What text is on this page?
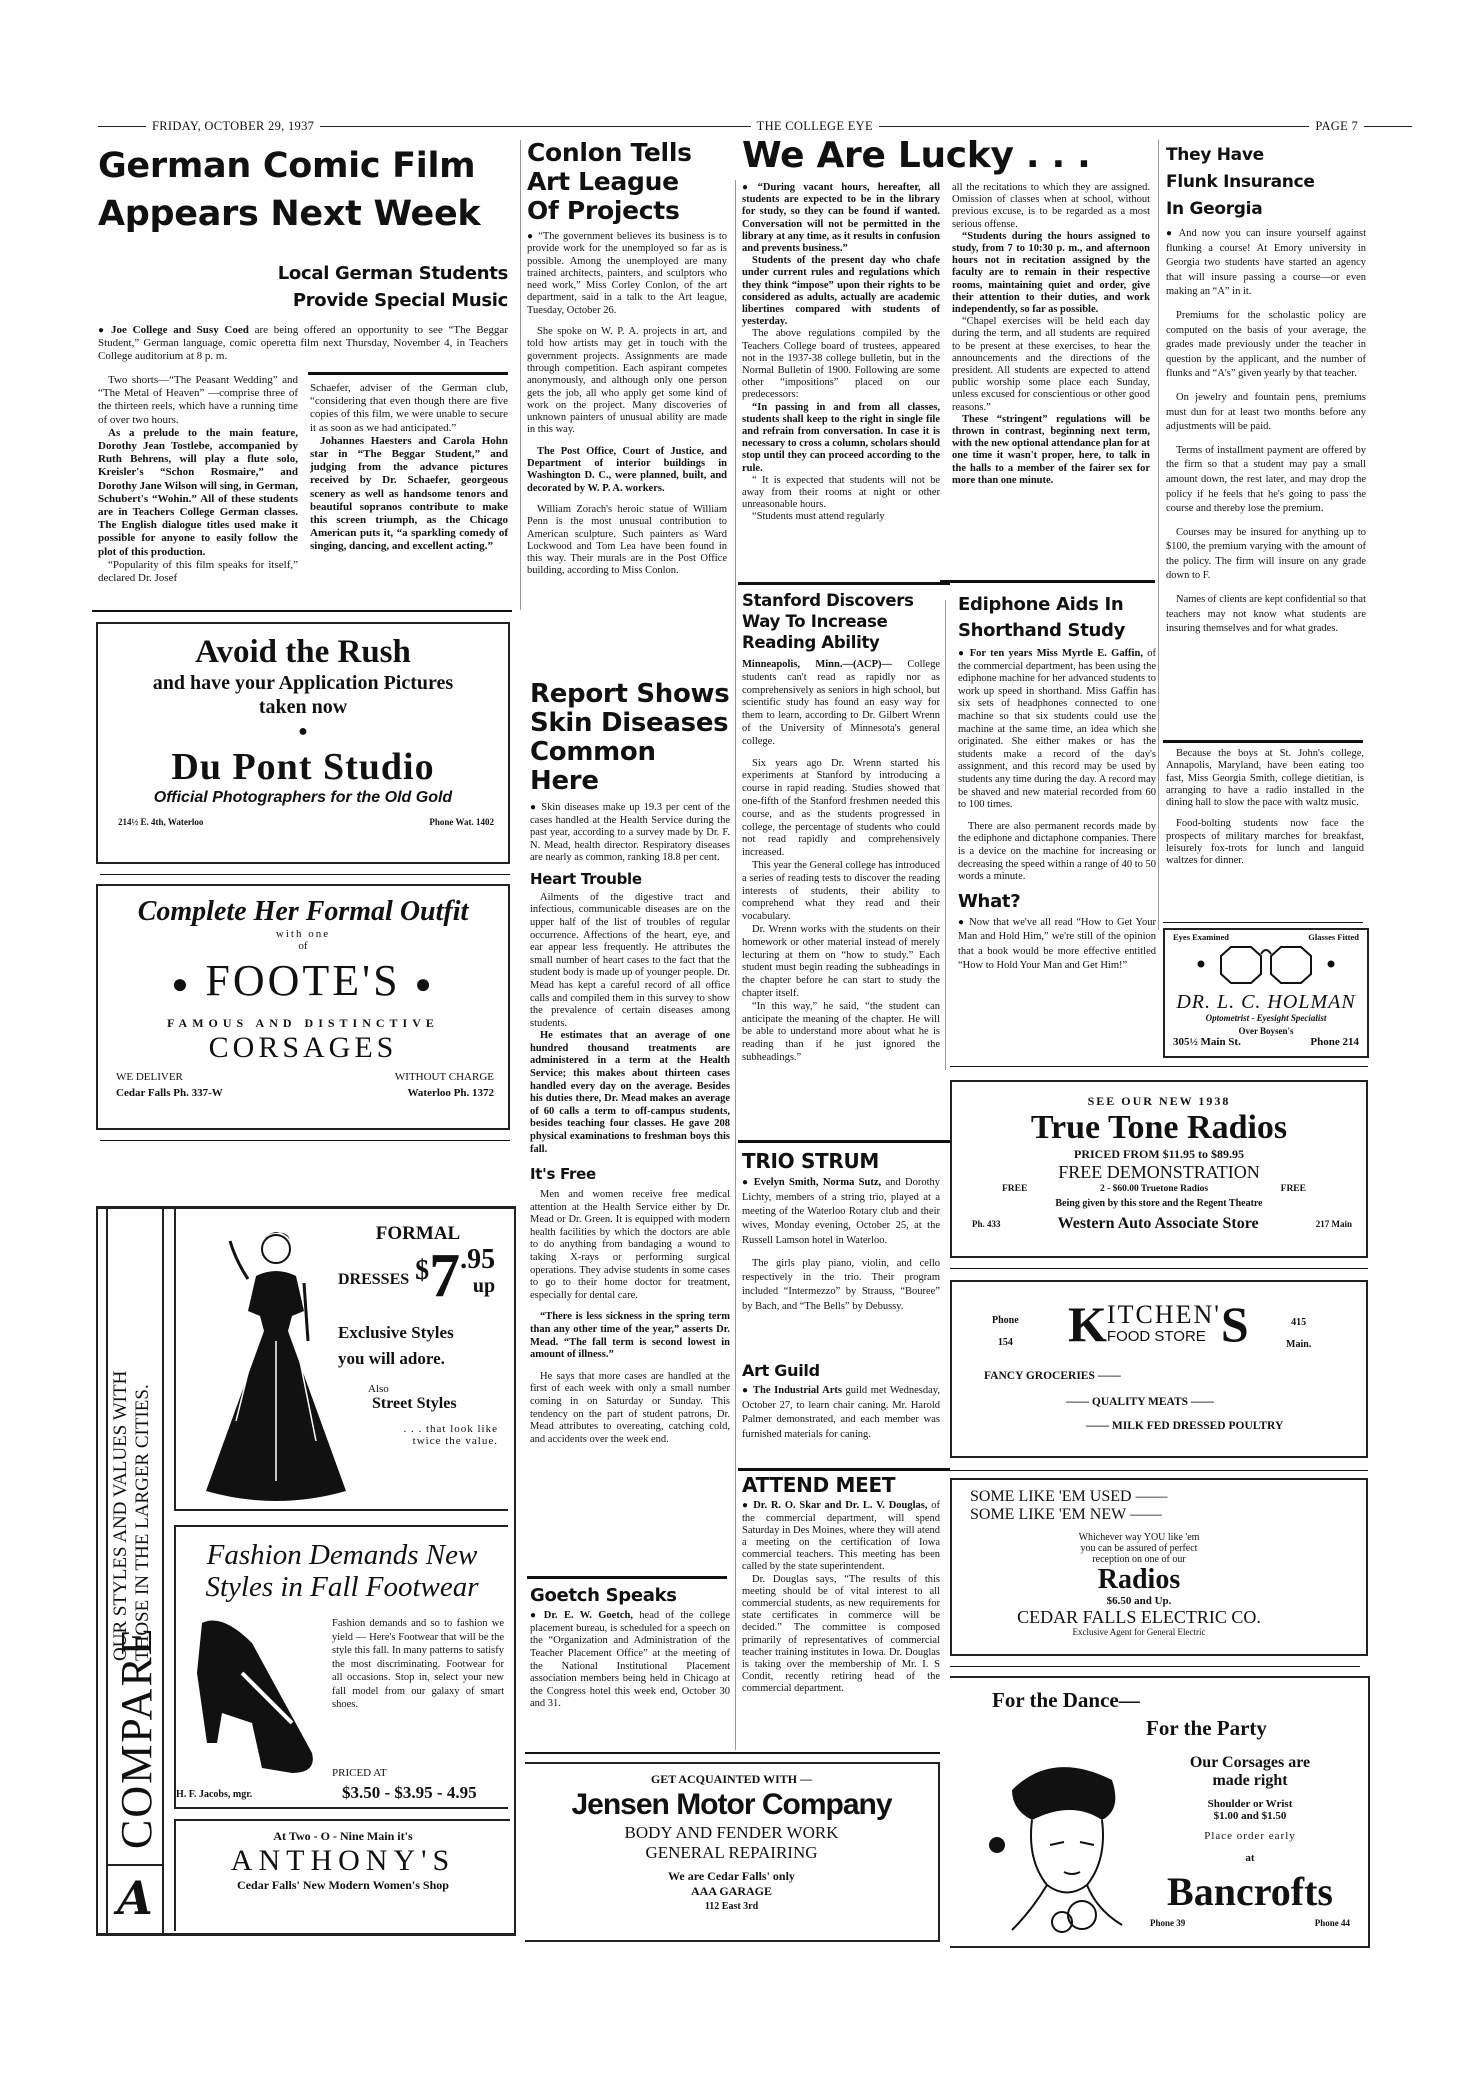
FRIDAY, OCTOBER 29, 1937	THE COLLEGE EYE	PAGE 7
German Comic Film
Appears Next Week
Local German Students
Provide Special Music

● Joe College and Susy Coed are being offered an opportunity to see “The Beggar Student,” German language, comic operetta film next Thursday, November 4, in Teachers College auditorium at 8 p. m.

Two shorts—“The Peasant Wedding” and “The Metal of Heaven” —comprise three of the thirteen reels, which have a running time of over two hours.

As a prelude to the main feature, Dorothy Jean Tostlebe, accompanied by Ruth Behrens, will play a flute solo, Kreisler's “Schon Rosmaire,” and Dorothy Jane Wilson will sing, in German, Schubert's “Wohin.” All of these students are in Teachers College German classes. The English dialogue titles used make it possible for anyone to easily follow the plot of this production.

“Popularity of this film speaks for itself,” declared Dr. Josef

Schaefer, adviser of the German club, “considering that even though there are five copies of this film, we were unable to secure it as soon as we had anticipated.”

Johannes Haesters and Carola Hohn star in “The Beggar Student,” and judging from the advance pictures received by Dr. Schaefer, georgeous scenery as well as handsome tenors and beautiful sopranos contribute to make this screen triumph, as the Chicago American puts it, “a sparkling comedy of singing, dancing, and excellent acting.”

Avoid the Rush
and have your Application Pictures
taken now
●
Du Pont Studio
Official Photographers for the Old Gold
214½ E. 4th, Waterloo	Phone Wat. 1402
Complete Her Formal Outfit
with one
of
● FOOTE'S ●
FAMOUS AND DISTINCTIVE
CORSAGES
WE DELIVER	WITHOUT CHARGE
Cedar Falls Ph. 337-W	Waterloo Ph. 1372
OUR STYLES AND VALUES WITH THOSE IN THE LARGER CITIES.
COMPARE
A
FORMAL
DRESSES $ 7 .95
up
Exclusive Styles
you will adore.
Also
Street Styles
. . . that look like
twice the value.
Fashion Demands New
Styles in Fall Footwear

Fashion demands and so to fashion we yield — Here's Footwear that will be the style this fall. In many patterns to satisfy the most discriminating. Footwear for all occasions. Stop in, select your new fall model from our galaxy of smart shoes.

PRICED AT
$3.50 - $3.95 - 4.95
H. F. Jacobs, mgr.
At Two - O - Nine Main it's
ANTHONY'S
Cedar Falls' New Modern Women's Shop
Conlon Tells
Art League
Of Projects

● “The government believes its business is to provide work for the unemployed so far as is possible. Among the unemployed are many trained architects, painters, and sculptors who need work,” Miss Corley Conlon, of the art department, said in a talk to the Art league, Tuesday, October 26.

She spoke on W. P. A. projects in art, and told how artists may get in touch with the government projects. Assignments are made through competition. Each aspirant competes anonymously, and although only one person gets the job, all who apply get some kind of work on the project. Many discoveries of unknown painters of unusual ability are made in this way.

The Post Office, Court of Justice, and Department of interior buildings in Washington D. C., were planned, built, and decorated by W. P. A. workers.

William Zorach's heroic statue of William Penn is the most unusual contribution to American sculpture. Such painters as Ward Lockwood and Tom Lea have been found in this way. Their murals are in the Post Office building, according to Miss Conlon.

Report Shows
Skin Diseases
Common Here

● Skin diseases make up 19.3 per cent of the cases handled at the Health Service during the past year, according to a survey made by Dr. F. N. Mead, health director. Respiratory diseases are nearly as common, ranking 18.8 per cent.

Heart Trouble

Ailments of the digestive tract and infectious, communicable diseases are on the upper half of the list of troubles of regular occurrence. Affections of the heart, eye, and ear appear less frequently. He attributes the small number of heart cases to the fact that the student body is made up of younger people. Dr. Mead has kept a careful record of all office calls and compiled them in this survey to show the prevalence of certain diseases among students.

He estimates that an average of one hundred thousand treatments are administered in a term at the Health Service; this makes about thirteen cases handled every day on the average. Besides his duties there, Dr. Mead makes an average of 60 calls a term to off-campus students, besides teaching four classes. He gave 208 physical examinations to freshman boys this fall.

It's Free

Men and women receive free medical attention at the Health Service either by Dr. Mead or Dr. Green. It is equipped with modern health facilities by which the doctors are able to do anything from bandaging a wound to taking X-rays or performing surgical operations. They advise students in some cases to go to their home doctor for treatment, especially for dental care.

“There is less sickness in the spring term than any other time of the year,” asserts Dr. Mead. “The fall term is second lowest in amount of illness.”

He says that more cases are handled at the first of each week with only a small number coming in on Saturday or Sunday. This tendency on the part of student patrons, Dr. Mead attributes to overeating, catching cold, and accidents over the week end.

Goetch Speaks

● Dr. E. W. Goetch, head of the college placement bureau, is scheduled for a speech on the “Organization and Administration of the Teacher Placement Office” at the meeting of the National Institutional Placement association members being held in Chicago at the Congress hotel this week end, October 30 and 31.

We Are Lucky . . .

● “During vacant hours, hereafter, all students are expected to be in the library for study, so they can be found if wanted. Conversation will not be permitted in the library at any time, as it results in confusion and prevents business.”

Students of the present day who chafe under current rules and regulations which they think “impose” upon their rights to be considered as adults, actually are academic libertines compared with students of yesterday.

The above regulations compiled by the Teachers College board of trustees, appeared not in the 1937-38 college bulletin, but in the Normal Bulletin of 1900. Following are some other “impositions” placed on our predecessors:

“In passing in and from all classes, students shall keep to the right in single file and refrain from conversation. In case it is necessary to cross a column, scholars should stop until they can proceed according to the rule.

“ It is expected that students will not be away from their rooms at night or other unreasonable hours.

“Students must attend regularly

all the recitations to which they are assigned. Omission of classes when at school, without previous excuse, is to be regarded as a most serious offense.

“Students during the hours assigned to study, from 7 to 10:30 p. m., and afternoon hours not in recitation assigned by the faculty are to remain in their respective rooms, maintaining quiet and order, give their attention to their duties, and work independently, so far as possible.

“Chapel exercises will be held each day during the term, and all students are required to be present at these exercises, to hear the announcements and the directions of the president. All students are expected to attend public worship some place each Sunday, unless excused for conscientious or other good reasons.”

These “stringent” regulations will be thrown in contrast, beginning next term, with the new optional attendance plan for at one time it wasn't proper, here, to talk in the halls to a member of the fairer sex for more than one minute.

Stanford Discovers
Way To Increase
Reading Ability

Minneapolis, Minn.—(ACP)— College students can't read as rapidly nor as comprehensively as seniors in high school, but scientific study has found an easy way for them to learn, according to Dr. Gilbert Wrenn of the University of Minnesota's general college.

Six years ago Dr. Wrenn started his experiments at Stanford by introducing a course in rapid reading. Studies showed that one-fifth of the Stanford freshmen needed this course, and as the students progressed in college, the percentage of students who could not read rapidly and comprehensively increased.

This year the General college has introduced a series of reading tests to discover the reading interests of students, their ability to comprehend what they read and their vocabulary.

Dr. Wrenn works with the students on their homework or other material instead of merely lecturing at them on “how to study.” Each student must begin reading the subheadings in the chapter before he can start to study the chapter itself.

“In this way,” he said, “the student can anticipate the meaning of the chapter. He will be able to understand more about what he is reading than if he just ignored the subheadings.”

TRIO STRUM

● Evelyn Smith, Norma Sutz, and Dorothy Lichty, members of a string trio, played at a meeting of the Waterloo Rotary club and their wives, Monday evening, October 25, at the Russell Lamson hotel in Waterloo.

The girls play piano, violin, and cello respectively in the trio. Their program included “Intermezzo” by Strauss, “Bouree” by Bach, and “The Bells” by Debussy.

Art Guild

● The Industrial Arts guild met Wednesday, October 27, to learn chair caning. Mr. Harold Palmer demonstrated, and each member was furnished materials for caning.

ATTEND MEET

● Dr. R. O. Skar and Dr. L. V. Douglas, of the commercial department, will spend Saturday in Des Moines, where they will atend a meeting on the certification of Iowa commercial teachers. This meeting has been called by the state superintendent.

Dr. Douglas says, “The results of this meeting should be of vital interest to all commercial students, as new requirements for state certificates in commerce will be decided.” The committee is composed primarily of representatives of commercial teacher training institutes in Iowa. Dr. Douglas is taking over the membership of Mr. I. S Condit, recently retiring head of the commercial department.

GET ACQUAINTED WITH —
Jensen Motor Company
BODY AND FENDER WORK
GENERAL REPAIRING
We are Cedar Falls' only
AAA GARAGE
112 East 3rd
They Have
Flunk Insurance
In Georgia

● And now you can insure yourself against flunking a course! At Emory university in Georgia two students have started an agency that will insure passing a course—or even making an “A” in it.

Premiums for the scholastic policy are computed on the basis of your average, the grades made previously under the teacher in question by the applicant, and the number of flunks and “A's” given yearly by that teacher.

On jewelry and fountain pens, premiums must dun for at least two months before any adjustments will be paid.

Terms of installment payment are offered by the firm so that a student may pay a small amount down, the rest later, and may drop the policy if he feels that he's going to pass the course and thereby lose the premium.

Courses may be insured for anything up to $100, the premium varying with the amount of the policy. The firm will insure on any grade down to F.

Names of clients are kept confidential so that teachers may not know what students are insuring themselves and for what grades.

Because the boys at St. John's college, Annapolis, Maryland, have been eating too fast, Miss Georgia Smith, college dietitian, is arranging to have a radio installed in the dining hall to slow the pace with waltz music.

Food-bolting students now face the prospects of military marches for breakfast, leisurely fox-trots for lunch and languid waltzes for dinner.

Ediphone Aids In
Shorthand Study

● For ten years Miss Myrtle E. Gaffin, of the commercial department, has been using the ediphone machine for her advanced students to work up speed in shorthand. Miss Gaffin has six sets of headphones connected to one machine so that six students could use the machine at the same time, an idea which she originated. She either makes or has the students make a record of the day's assignment, and this record may be used by students any time during the day. A record may be shaved and new material recorded from 60 to 100 times.

There are also permanent records made by the ediphone and dictaphone companies. There is a device on the machine for increasing or decreasing the speed within a range of 40 to 50 words a minute.

What?

● Now that we've all read “How to Get Your Man and Hold Him,” we're still of the opinion that a book would be more effective entitled “How to Hold Your Man and Get Him!”

Eyes Examined	Glasses Fitted
DR. L. C. HOLMAN
Optometrist - Eyesight Specialist
Over Boysen's
305½ Main St.	Phone 214
SEE OUR NEW 1938
True Tone Radios
PRICED FROM $11.95 to $89.95
FREE DEMONSTRATION
FREE	2 - $60.00 Truetone Radios	FREE
Being given by this store and the Regent Theatre
Ph. 433	Western Auto Associate Store	217 Main
Phone
154 K ITCHEN'
FOOD STORE S	415
Main.
FANCY GROCERIES ——
—— QUALITY MEATS ——
—— MILK FED DRESSED POULTRY
SOME LIKE 'EM USED ——
SOME LIKE 'EM NEW ——
Whichever way YOU like 'em
you can be assured of perfect
reception on one of our
Radios
$6.50 and Up.
CEDAR FALLS ELECTRIC CO.
Exclusive Agent for General Electric
For the Dance—
For the Party
Our Corsages are
made right
Shoulder or Wrist
$1.00 and $1.50
Place order early
at
Bancrofts
Phone 39	Phone 44
